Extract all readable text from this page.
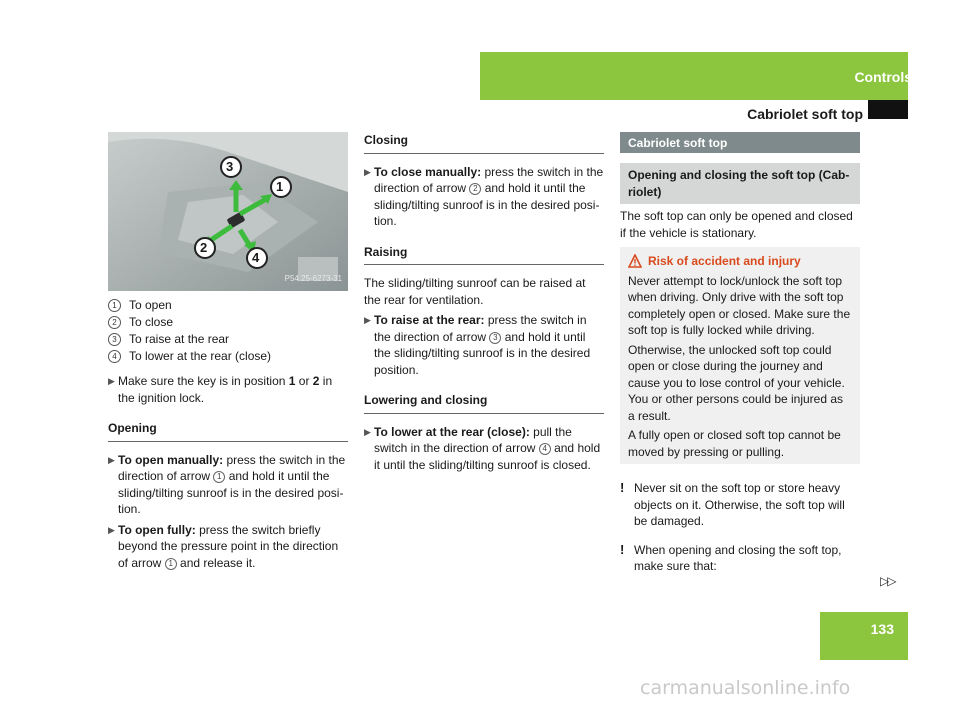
Controls
Cabriolet soft top
3
1
2
4
P54.25-6273-31
1	To open
2	To close
3	To raise at the rear
4	To lower at the rear (close)
▶ Make sure the key is in position 1 or 2 in the ignition lock.
Opening
▶ To open manually: press the switch in the direction of arrow 1 and hold it until the sliding/tilting sunroof is in the desired posi-tion.
▶ To open fully: press the switch briefly beyond the pressure point in the direction of arrow 1 and release it.
Closing
▶ To close manually: press the switch in the direction of arrow 2 and hold it until the sliding/tilting sunroof is in the desired posi-tion.
Raising
The sliding/tilting sunroof can be raised at the rear for ventilation.
▶ To raise at the rear: press the switch in the direction of arrow 3 and hold it until the sliding/tilting sunroof is in the desired position.
Lowering and closing
▶ To lower at the rear (close): pull the switch in the direction of arrow 4 and hold it until the sliding/tilting sunroof is closed.
Cabriolet soft top
Opening and closing the soft top (Cab-riolet)
The soft top can only be opened and closed if the vehicle is stationary.
Risk of accident and injury
Never attempt to lock/unlock the soft top when driving. Only drive with the soft top completely open or closed. Make sure the soft top is fully locked while driving.
Otherwise, the unlocked soft top could open or close during the journey and cause you to lose control of your vehicle. You or other persons could be injured as a result.
A fully open or closed soft top cannot be moved by pressing or pulling.
! Never sit on the soft top or store heavy objects on it. Otherwise, the soft top will be damaged.
! When opening and closing the soft top, make sure that:
▷▷
133
carmanualsonline.info
